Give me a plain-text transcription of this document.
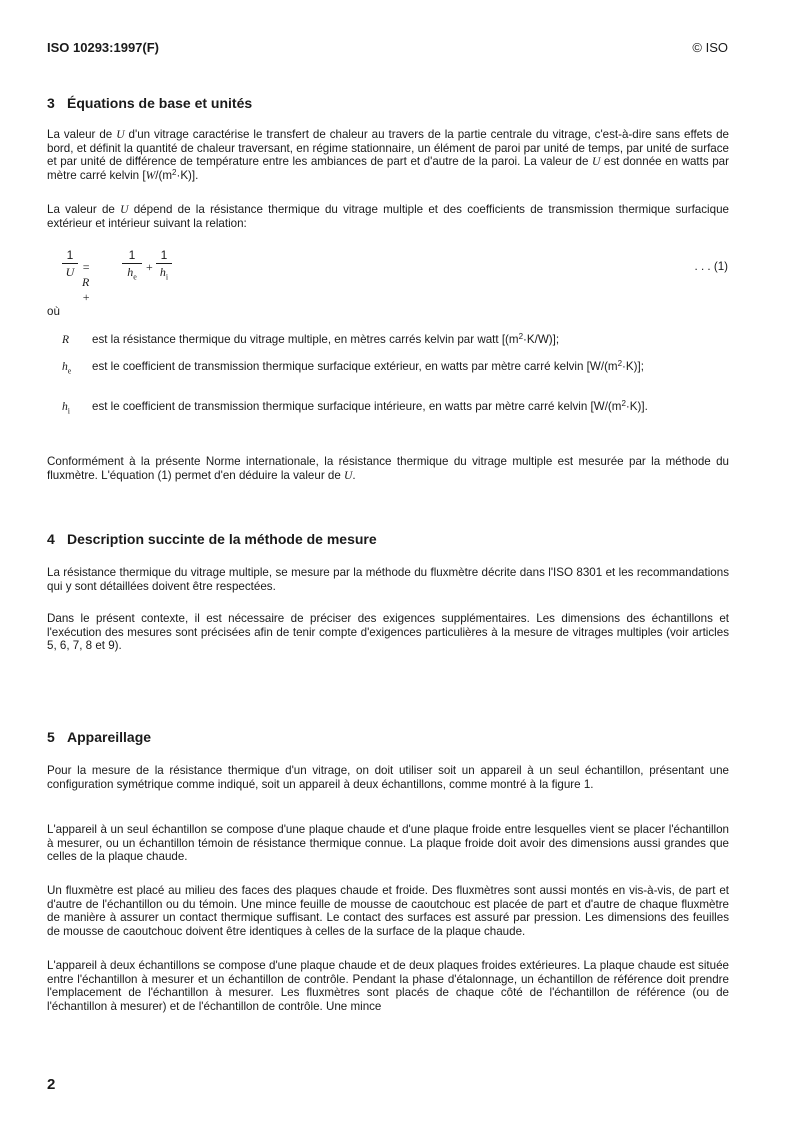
ISO 10293:1997(F)	© ISO
3 Équations de base et unités

La valeur de U d'un vitrage caractérise le transfert de chaleur au travers de la partie centrale du vitrage, c'est-à-dire sans effets de bord, et définit la quantité de chaleur traversant, en régime stationnaire, un élément de paroi par unité de temps, par unité de surface et par unité de différence de température entre les ambiances de part et d'autre de la paroi. La valeur de U est donnée en watts par mètre carré kelvin $[W/(m^2\cdot K)]$.

La valeur de U dépend de la résistance thermique du vitrage multiple et des coefficients de transmission thermique surfacique extérieur et intérieur suivant la relation:

$\frac{1}{U} = R$ +
$\frac{1}{h_e} + \frac{1}{h_i}$	. . . (1)
où
R est la résistance thermique du vitrage multiple, en mètres carrés kelvin par watt $[(m^2\cdot K/W)]$;
$h_e$ est le coefficient de transmission thermique surfacique extérieur, en watts par mètre carré kelvin $[W/(m^2\cdot K)]$;
$h_i$ est le coefficient de transmission thermique surfacique intérieure, en watts par mètre carré kelvin $[W/(m^2\cdot K)]$.

Conformément à la présente Norme internationale, la résistance thermique du vitrage multiple est mesurée par la méthode du fluxmètre. L'équation (1) permet d'en déduire la valeur de U.

4 Description succinte de la méthode de mesure

La résistance thermique du vitrage multiple, se mesure par la méthode du fluxmètre décrite dans l'ISO 8301 et les recommandations qui y sont détaillées doivent être respectées.

Dans le présent contexte, il est nécessaire de préciser des exigences supplémentaires. Les dimensions des échantillons et l'exécution des mesures sont précisées afin de tenir compte d'exigences particulières à la mesure de vitrages multiples (voir articles 5, 6, 7, 8 et 9).

5 Appareillage

Pour la mesure de la résistance thermique d'un vitrage, on doit utiliser soit un appareil à un seul échantillon, présentant une configuration symétrique comme indiqué, soit un appareil à deux échantillons, comme montré à la figure 1.

L'appareil à un seul échantillon se compose d'une plaque chaude et d'une plaque froide entre lesquelles vient se placer l'échantillon à mesurer, ou un échantillon témoin de résistance thermique connue. La plaque froide doit avoir des dimensions aussi grandes que celles de la plaque chaude.

Un fluxmètre est placé au milieu des faces des plaques chaude et froide. Des fluxmètres sont aussi montés en vis-à-vis, de part et d'autre de l'échantillon ou du témoin. Une mince feuille de mousse de caoutchouc est placée de part et d'autre de chaque fluxmètre de manière à assurer un contact thermique suffisant. Le contact des surfaces est assuré par pression. Les dimensions des feuilles de mousse de caoutchouc doivent être identiques à celles de la surface de la plaque chaude.

L'appareil à deux échantillons se compose d'une plaque chaude et de deux plaques froides extérieures. La plaque chaude est située entre l'échantillon à mesurer et un échantillon de contrôle. Pendant la phase d'étalonnage, un échantillon de référence doit prendre l'emplacement de l'échantillon à mesurer. Les fluxmètres sont placés de chaque côté de l'échantillon de référence (ou de l'échantillon à mesurer) et de l'échantillon de contrôle. Une mince

2
